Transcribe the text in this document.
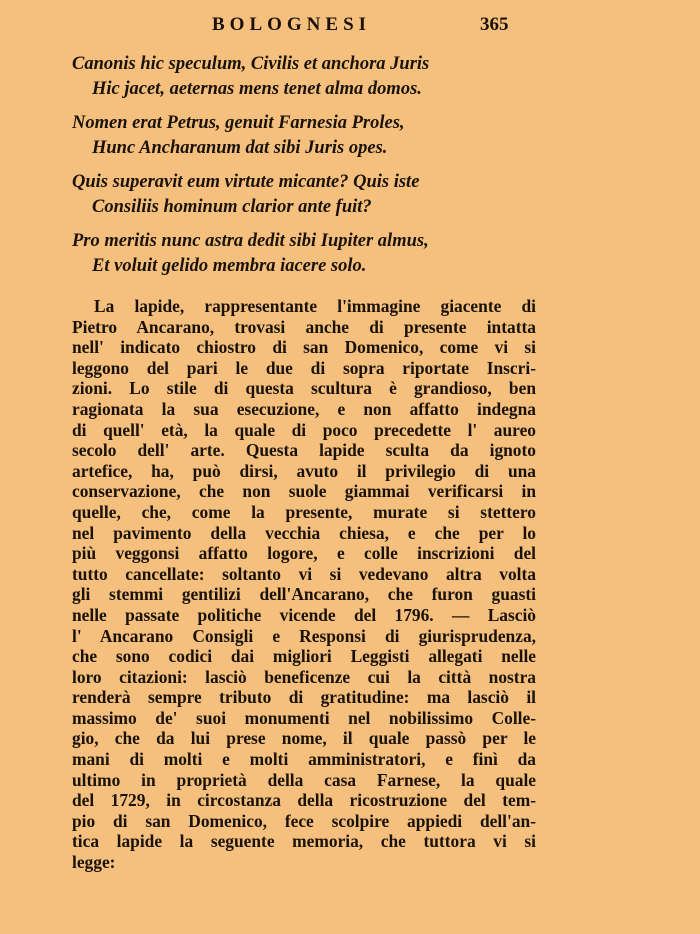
BOLOGNESI	365
Canonis hic speculum, Civilis et anchora Juris
Hic jacet, aeternas mens tenet alma domos.
Nomen erat Petrus, genuit Farnesia Proles,
Hunc Ancharanum dat sibi Juris opes.
Quis superavit eum virtute micante? Quis iste
Consiliis hominum clarior ante fuit?
Pro meritis nunc astra dedit sibi Iupiter almus,
Et voluit gelido membra iacere solo.
La lapide, rappresentante l'immagine giacente di
Pietro Ancarano, trovasi anche di presente intatta
nell' indicato chiostro di san Domenico, come vi si
leggono del pari le due di sopra riportate Inscri-
zioni. Lo stile di questa scultura è grandioso, ben
ragionata la sua esecuzione, e non affatto indegna
di quell' età, la quale di poco precedette l' aureo
secolo dell' arte. Questa lapide sculta da ignoto
artefice, ha, può dirsi, avuto il privilegio di una
conservazione, che non suole giammai verificarsi in
quelle, che, come la presente, murate si stettero
nel pavimento della vecchia chiesa, e che per lo
più veggonsi affatto logore, e colle inscrizioni del
tutto cancellate: soltanto vi si vedevano altra volta
gli stemmi gentilizi dell'Ancarano, che furon guasti
nelle passate politiche vicende del 1796. — Lasciò
l' Ancarano Consigli e Responsi di giurisprudenza,
che sono codici dai migliori Leggisti allegati nelle
loro citazioni: lasciò beneficenze cui la città nostra
renderà sempre tributo di gratitudine: ma lasciò il
massimo de' suoi monumenti nel nobilissimo Colle-
gio, che da lui prese nome, il quale passò per le
mani di molti e molti amministratori, e finì da
ultimo in proprietà della casa Farnese, la quale
del 1729, in circostanza della ricostruzione del tem-
pio di san Domenico, fece scolpire appiedi dell'an-
tica lapide la seguente memoria, che tuttora vi si
legge:
